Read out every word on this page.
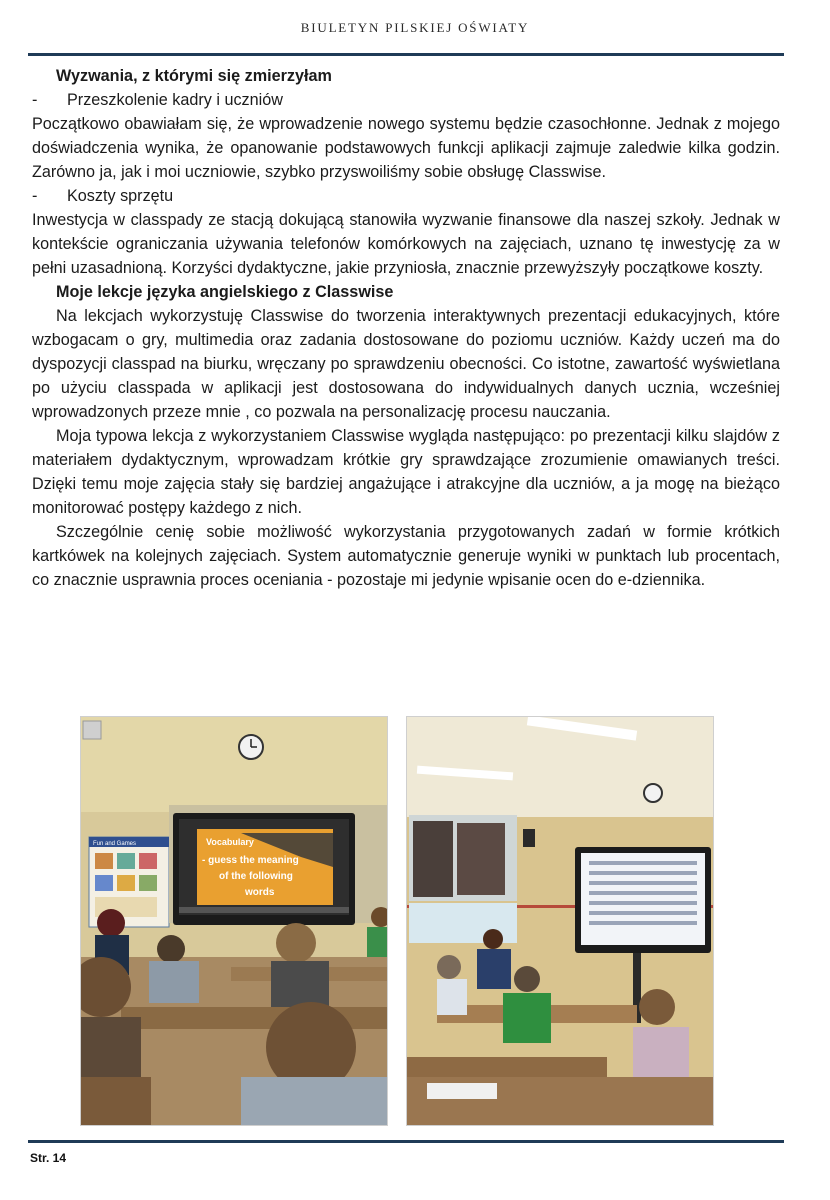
BIULETYN PILSKIEJ OŚWIATY

Wyzwania, z którymi się zmierzyłam

-	Przeszkolenie kadry i uczniów

Początkowo obawiałam się, że wprowadzenie nowego systemu będzie czasochłonne. Jednak z mojego doświadczenia wynika, że opanowanie podstawowych funkcji aplikacji zajmuje zaledwie kilka godzin. Zarówno ja, jak i moi uczniowie, szybko przyswoiliśmy sobie obsługę Classwise.

-	Koszty sprzętu

Inwestycja w classpady ze stacją dokującą stanowiła wyzwanie finansowe dla naszej szkoły. Jednak w kontekście ograniczania używania telefonów komórkowych na zajęciach, uznano tę inwestycję za w pełni uzasadnioną. Korzyści dydaktyczne, jakie przyniosła, znacznie przewyższyły początkowe koszty.

Moje lekcje języka angielskiego z Classwise

Na lekcjach wykorzystuję Classwise do tworzenia interaktywnych prezentacji edukacyjnych, które wzbogacam o gry, multimedia oraz zadania dostosowane do poziomu uczniów. Każdy uczeń ma do dyspozycji classpad na biurku, wręczany po sprawdzeniu obecności. Co istotne, zawartość wyświetlana po użyciu classpada w aplikacji jest dostosowana do indywidualnych danych ucznia, wcześniej wprowadzonych przeze mnie , co pozwala na personalizację procesu nauczania.

Moja typowa lekcja z wykorzystaniem Classwise wygląda następująco: po prezentacji kilku slajdów z materiałem dydaktycznym, wprowadzam krótkie gry sprawdzające zrozumienie omawianych treści. Dzięki temu moje zajęcia stały się bardziej angażujące i atrakcyjne dla uczniów, a ja mogę na bieżąco monitorować postępy każdego z nich.

Szczególnie cenię sobie możliwość wykorzystania przygotowanych zadań w formie krótkich kartkówek na kolejnych zajęciach. System automatycznie generuje wyniki w punktach lub procentach, co znacznie usprawnia proces oceniania - pozostaje mi jedynie wpisanie ocen do e-dziennika.

Fun and Games	Vocabulary
- guess the meaning
of the following
words
Str. 14
